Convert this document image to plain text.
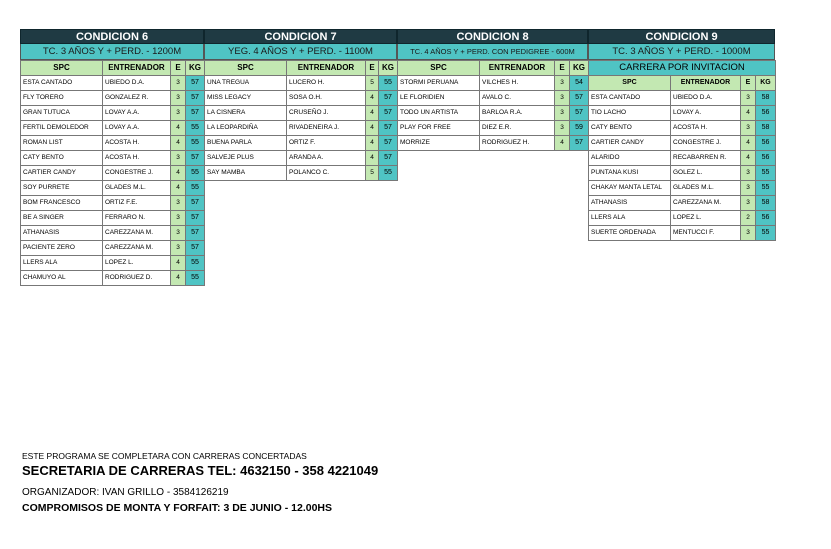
CONDICION 6
TC. 3 AÑOS Y + PERD. - 1200M
SPC	ENTRENADOR	E	KG
ESTA CANTADO	UBIEDO D.A.	3	57
FLY TORERO	GONZALEZ R.	3	57
GRAN TUTUCA	LOVAY A.A.	3	57
FERTIL DEMOLEDOR	LOVAY A.A.	4	55
ROMAN LIST	ACOSTA H.	4	55
CATY BENTO	ACOSTA H.	3	57
CARTIER CANDY	CONGESTRE J.	4	55
SOY PURRETE	GLADES M.L.	4	55
BOM FRANCESCO	ORTIZ F.E.	3	57
BE A SINGER	FERRARO N.	3	57
ATHANASIS	CAREZZANA M.	3	57
PACIENTE ZERO	CAREZZANA M.	3	57
LLERS ALA	LOPEZ L.	4	55
CHAMUYO AL	RODRIGUEZ D.	4	55
CONDICION 7
YEG. 4 AÑOS Y + PERD. - 1100M
SPC	ENTRENADOR	E	KG
UNA TREGUA	LUCERO H.	5	55
MISS LEGACY	SOSA O.H.	4	57
LA CISNERA	CRUSEÑO J.	4	57
LA LEOPARDIÑA	RIVADENEIRA J.	4	57
BUENA PARLA	ORTIZ F.	4	57
SALVEJE PLUS	ARANDA A.	4	57
SAY MAMBA	POLANCO C.	5	55
CONDICION 8
TC. 4 AÑOS Y + PERD. CON PEDIGREE - 600M
SPC	ENTRENADOR	E	KG
STORMI PERUANA	VILCHES H.	3	54
LE FLORIDIEN	AVALO C.	3	57
TODO UN ARTISTA	BARLOA R.A.	3	57
PLAY FOR FREE	DIEZ E.R.	3	59
MORRIZE	RODRIGUEZ H.	4	57
CONDICION 9
TC. 3 AÑOS Y + PERD. - 1000M
CARRERA POR INVITACION			
SPC	ENTRENADOR	E	KG
ESTA CANTADO	UBIEDO D.A.	3	58
TIO LACHO	LOVAY A.	4	56
CATY BENTO	ACOSTA H.	3	58
CARTIER CANDY	CONGESTRE J.	4	56
ALARIDO	RECABARREN R.	4	56
PUNTANA KUSI	GOLEZ L.	3	55
CHAKAY MANTA LETAL	GLADES M.L.	3	55
ATHANASIS	CAREZZANA M.	3	58
LLERS ALA	LOPEZ L.	2	56
SUERTE ORDENADA	MENTUCCI F.	3	55
ESTE PROGRAMA SE COMPLETARA CON CARRERAS CONCERTADAS
SECRETARIA DE CARRERAS TEL: 4632150 - 358 4221049
ORGANIZADOR: IVAN GRILLO - 3584126219
COMPROMISOS DE MONTA Y FORFAIT: 3 DE JUNIO - 12.00HS
